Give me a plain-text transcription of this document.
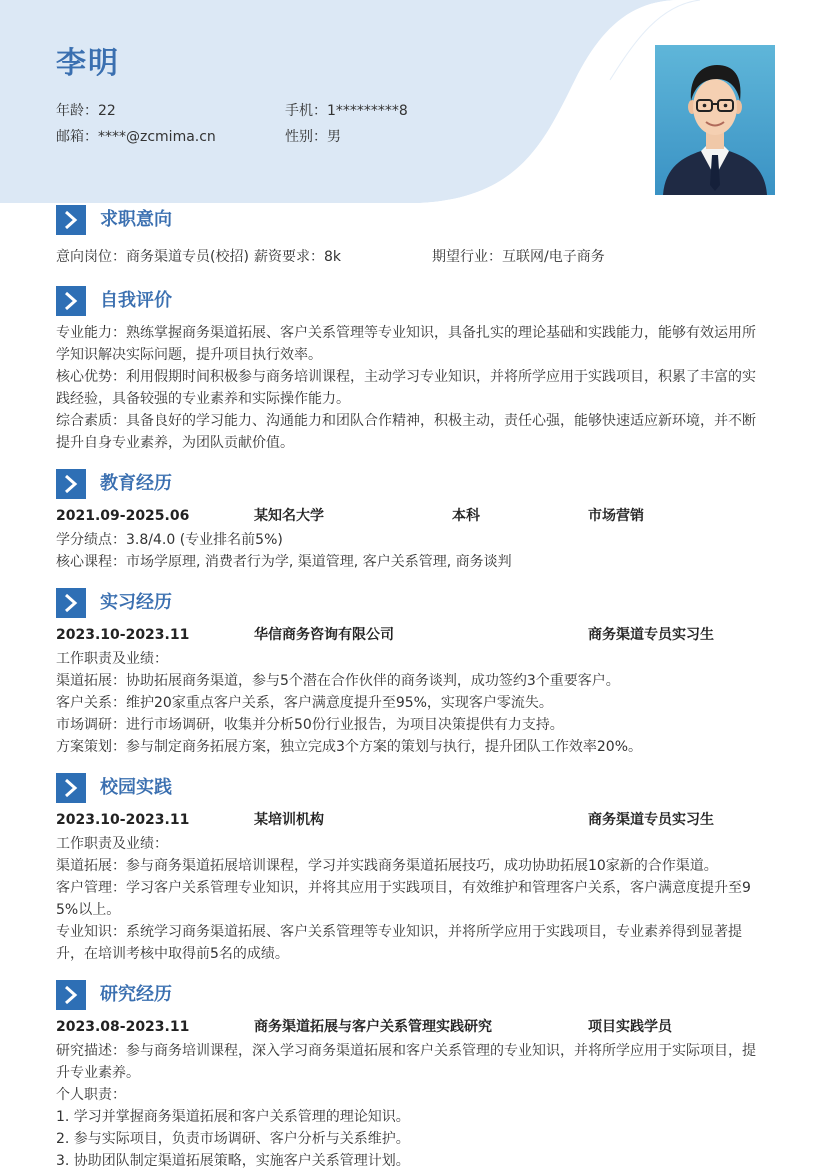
李明
年龄：22	手机：1*********8
邮箱：****@zcmima.cn	性别：男
求职意向
意向岗位：商务渠道专员(校招) 薪资要求：8k	期望行业：互联网/电子商务
自我评价
专业能力：熟练掌握商务渠道拓展、客户关系管理等专业知识，具备扎实的理论基础和实践能力，能够有效运用所
学知识解决实际问题，提升项目执行效率。
核心优势：利用假期时间积极参与商务培训课程，主动学习专业知识，并将所学应用于实践项目，积累了丰富的实
践经验，具备较强的专业素养和实际操作能力。
综合素质：具备良好的学习能力、沟通能力和团队合作精神，积极主动，责任心强，能够快速适应新环境，并不断
提升自身专业素养，为团队贡献价值。
教育经历
2021.09-2025.06	某知名大学	本科	市场营销
学分绩点：3.8/4.0 (专业排名前5%)
核心课程：市场学原理, 消费者行为学, 渠道管理, 客户关系管理, 商务谈判
实习经历
2023.10-2023.11	华信商务咨询有限公司	商务渠道专员实习生
工作职责及业绩：
渠道拓展：协助拓展商务渠道，参与5个潜在合作伙伴的商务谈判，成功签约3个重要客户。
客户关系：维护20家重点客户关系，客户满意度提升至95%，实现客户零流失。
市场调研：进行市场调研，收集并分析50份行业报告，为项目决策提供有力支持。
方案策划：参与制定商务拓展方案，独立完成3个方案的策划与执行，提升团队工作效率20%。
校园实践
2023.10-2023.11	某培训机构	商务渠道专员实习生
工作职责及业绩：
渠道拓展：参与商务渠道拓展培训课程，学习并实践商务渠道拓展技巧，成功协助拓展10家新的合作渠道。
客户管理：学习客户关系管理专业知识，并将其应用于实践项目，有效维护和管理客户关系，客户满意度提升至9
5%以上。
专业知识：系统学习商务渠道拓展、客户关系管理等专业知识，并将所学应用于实践项目，专业素养得到显著提
升，在培训考核中取得前5名的成绩。
研究经历
2023.08-2023.11	商务渠道拓展与客户关系管理实践研究	项目实践学员
研究描述：参与商务培训课程，深入学习商务渠道拓展和客户关系管理的专业知识，并将所学应用于实际项目，提
升专业素养。
个人职责：
1. 学习并掌握商务渠道拓展和客户关系管理的理论知识。
2. 参与实际项目，负责市场调研、客户分析与关系维护。
3. 协助团队制定渠道拓展策略，实施客户关系管理计划。
